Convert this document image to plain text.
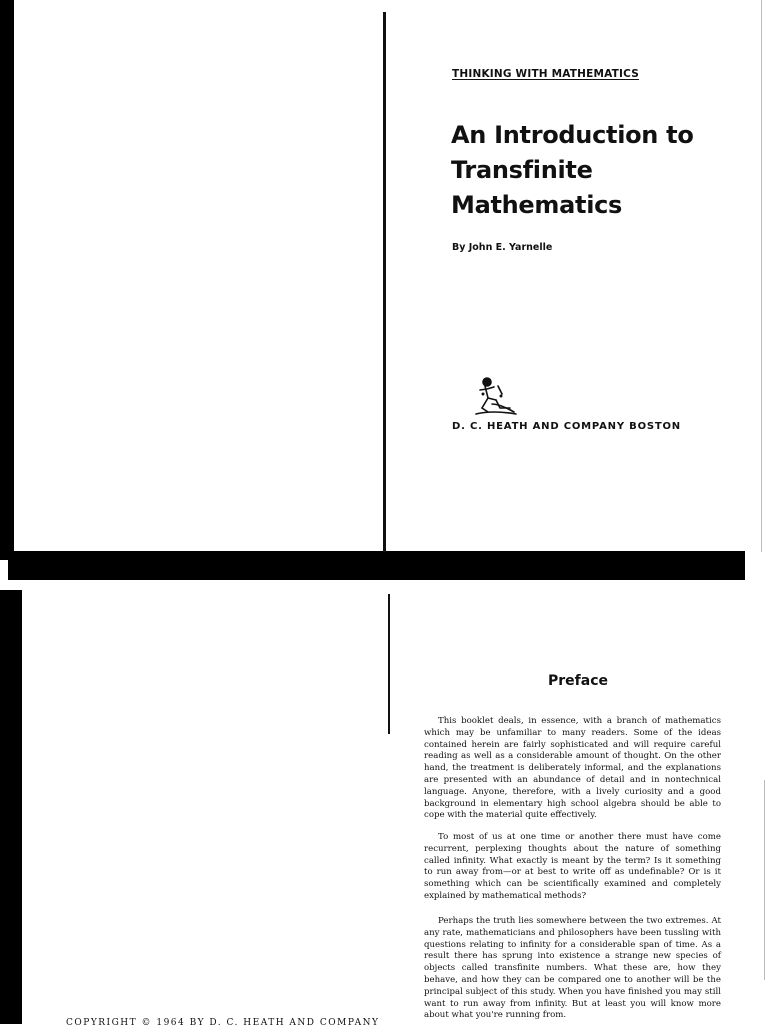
THINKING WITH MATHEMATICS
An Introduction to
Transfinite
Mathematics
By John E. Yarnelle
D. C. HEATH AND COMPANY BOSTON
Preface

This booklet deals, in essence, with a branch of mathematics which may be unfamiliar to many readers. Some of the ideas contained herein are fairly sophisticated and will require careful reading as well as a considerable amount of thought. On the other hand, the treatment is deliberately informal, and the explanations are presented with an abundance of detail and in nontechnical language. Anyone, therefore, with a lively curiosity and a good background in elementary high school algebra should be able to cope with the material quite effectively.

To most of us at one time or another there must have come recurrent, perplexing thoughts about the nature of something called infinity. What exactly is meant by the term? Is it something to run away from—or at best to write off as undefinable? Or is it something which can be scientifically examined and completely explained by mathematical methods?

Perhaps the truth lies somewhere between the two extremes. At any rate, mathematicians and philosophers have been tussling with questions relating to infinity for a considerable span of time. As a result there has sprung into existence a strange new species of objects called transfinite numbers. What these are, how they behave, and how they can be compared one to another will be the principal subject of this study. When you have finished you may still want to run away from infinity. But at least you will know more about what you're running from.

COPYRIGHT © 1964 BY D. C. HEATH AND COMPANY
